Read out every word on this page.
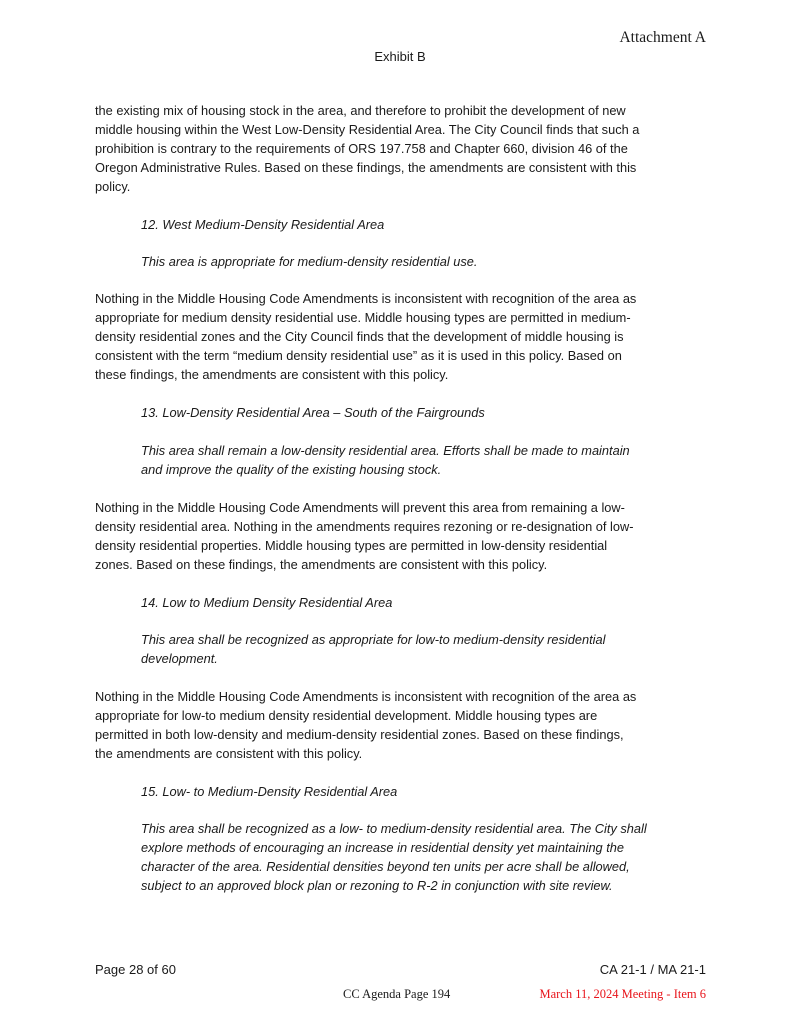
Attachment A
Exhibit B
the existing mix of housing stock in the area, and therefore to prohibit the development of new
middle housing within the West Low-Density Residential Area. The City Council finds that such a
prohibition is contrary to the requirements of ORS 197.758 and Chapter 660, division 46 of the
Oregon Administrative Rules. Based on these findings, the amendments are consistent with this
policy.
12. West Medium-Density Residential Area
This area is appropriate for medium-density residential use.
Nothing in the Middle Housing Code Amendments is inconsistent with recognition of the area as
appropriate for medium density residential use. Middle housing types are permitted in medium-
density residential zones and the City Council finds that the development of middle housing is
consistent with the term “medium density residential use” as it is used in this policy. Based on
these findings, the amendments are consistent with this policy.
13. Low-Density Residential Area – South of the Fairgrounds
This area shall remain a low-density residential area. Efforts shall be made to maintain
and improve the quality of the existing housing stock.
Nothing in the Middle Housing Code Amendments will prevent this area from remaining a low-
density residential area. Nothing in the amendments requires rezoning or re-designation of low-
density residential properties. Middle housing types are permitted in low-density residential
zones. Based on these findings, the amendments are consistent with this policy.
14. Low to Medium Density Residential Area
This area shall be recognized as appropriate for low-to medium-density residential
development.
Nothing in the Middle Housing Code Amendments is inconsistent with recognition of the area as
appropriate for low-to medium density residential development. Middle housing types are
permitted in both low-density and medium-density residential zones. Based on these findings,
the amendments are consistent with this policy.
15. Low- to Medium-Density Residential Area
This area shall be recognized as a low- to medium-density residential area. The City shall
explore methods of encouraging an increase in residential density yet maintaining the
character of the area. Residential densities beyond ten units per acre shall be allowed,
subject to an approved block plan or rezoning to R-2 in conjunction with site review.
Page 28 of 60	CA 21-1 / MA 21-1
CC Agenda Page 194	March 11, 2024 Meeting - Item 6
